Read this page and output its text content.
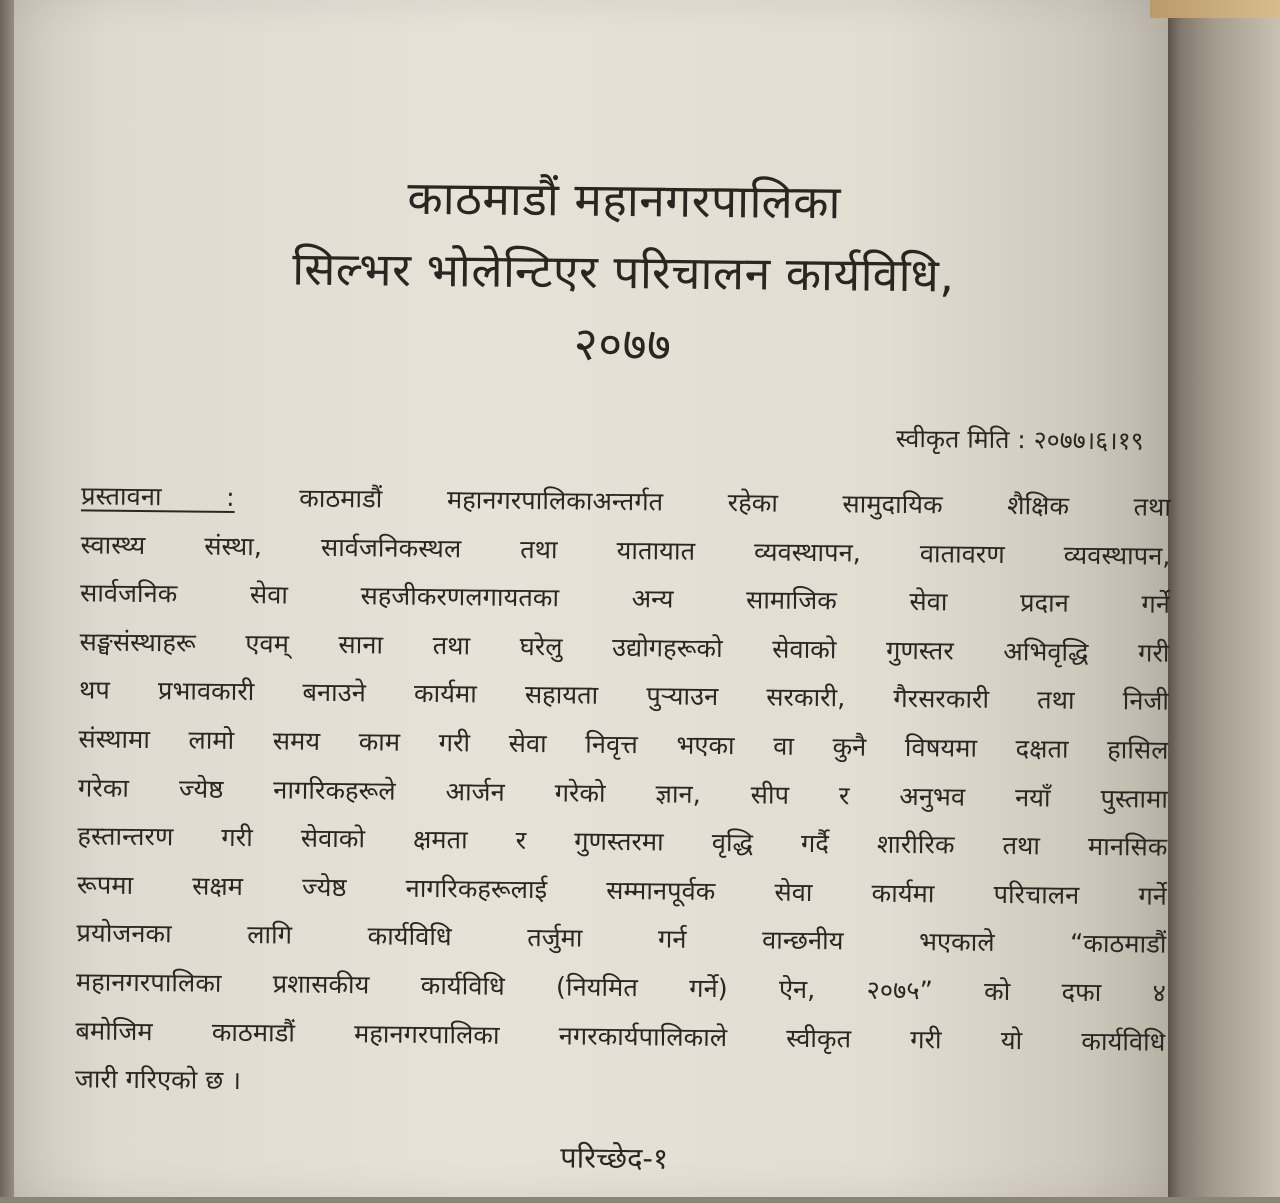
काठमाडौं महानगरपालिका
सिल्भर भोलेन्टिएर परिचालन कार्यविधि,
२०७७
स्वीकृत मिति : २०७७।६।१९
प्रस्तावना :	काठमाडौं महानगरपालिकाअन्तर्गत रहेका सामुदायिक शैक्षिक तथा
स्वास्थ्य संस्था, सार्वजनिकस्थल तथा यातायात व्यवस्थापन, वातावरण व्यवस्थापन,
सार्वजनिक सेवा सहजीकरणलगायतका अन्य सामाजिक सेवा प्रदान गर्ने
सङ्घसंस्थाहरू एवम् साना तथा घरेलु उद्योगहरूको सेवाको गुणस्तर अभिवृद्धि गरी
थप प्रभावकारी बनाउने कार्यमा सहायता पुऱ्याउन सरकारी, गैरसरकारी तथा निजी
संस्थामा लामो समय काम गरी सेवा निवृत्त भएका वा कुनै विषयमा दक्षता हासिल
गरेका ज्येष्ठ नागरिकहरूले आर्जन गरेको ज्ञान, सीप र अनुभव नयाँ पुस्तामा
हस्तान्तरण गरी सेवाको क्षमता र गुणस्तरमा वृद्धि गर्दै शारीरिक तथा मानसिक
रूपमा सक्षम ज्येष्ठ नागरिकहरूलाई सम्मानपूर्वक सेवा कार्यमा परिचालन गर्ने
प्रयोजनका लागि कार्यविधि तर्जुमा गर्न वान्छनीय भएकाले “काठमाडौं
महानगरपालिका प्रशासकीय कार्यविधि (नियमित गर्ने) ऐन, २०७५” को दफा ४
बमोजिम काठमाडौं महानगरपालिका नगरकार्यपालिकाले स्वीकृत गरी यो कार्यविधि
जारी गरिएको छ ।
परिच्छेद-१
